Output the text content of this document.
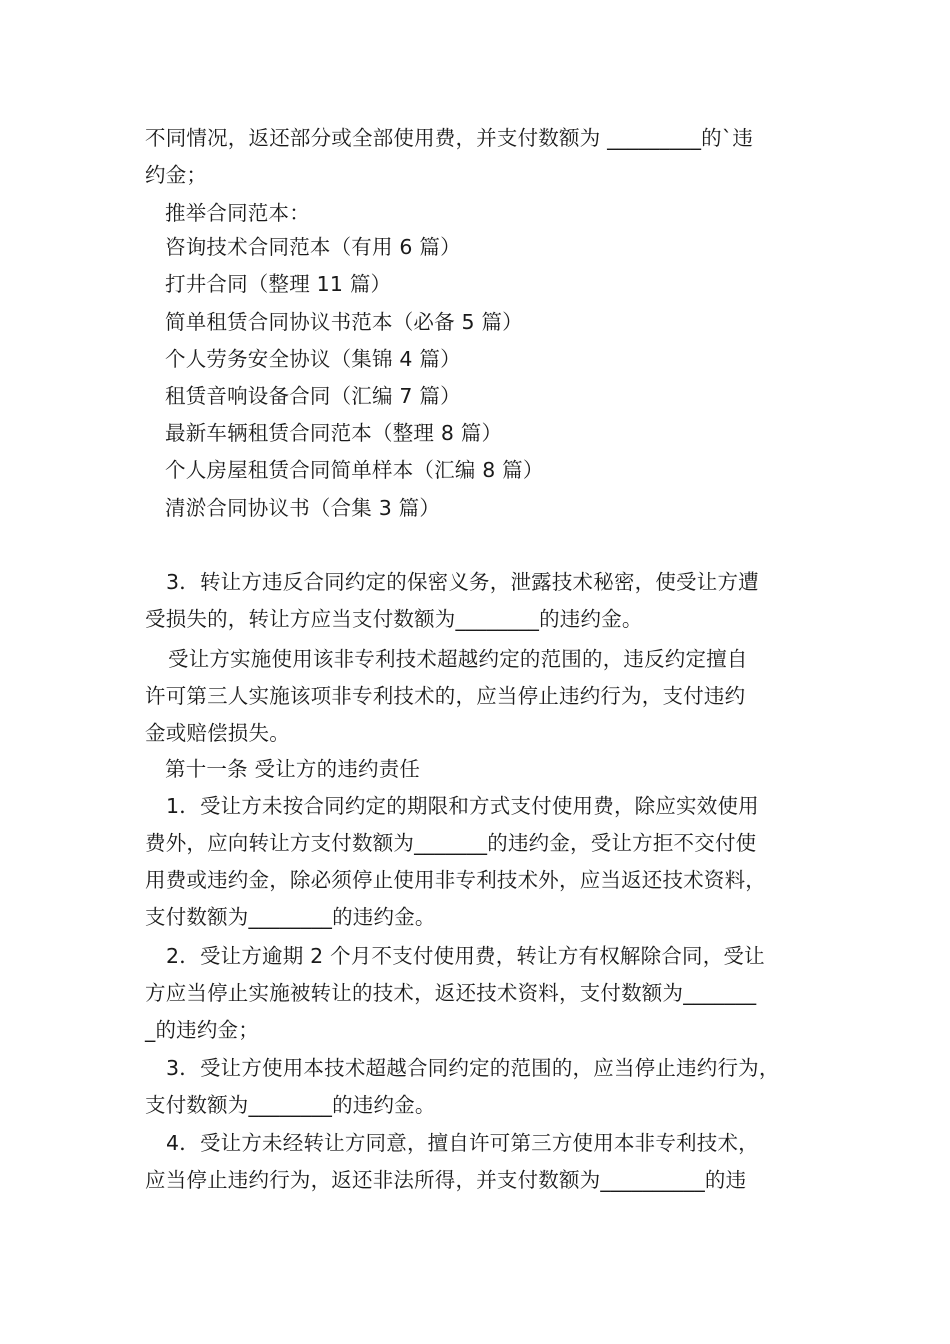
不同情况，返还部分或全部使用费，并支付数额为 _________的`违
约金；
推举合同范本：
咨询技术合同范本（有用 6 篇）
打井合同（整理 11 篇）
简单租赁合同协议书范本（必备 5 篇）
个人劳务安全协议（集锦 4 篇）
租赁音响设备合同（汇编 7 篇）
最新车辆租赁合同范本（整理 8 篇）
个人房屋租赁合同简单样本（汇编 8 篇）
清淤合同协议书（合集 3 篇）
3．转让方违反合同约定的保密义务，泄露技术秘密，使受让方遭
受损失的，转让方应当支付数额为________的违约金。
受让方实施使用该非专利技术超越约定的范围的，违反约定擅自
许可第三人实施该项非专利技术的，应当停止违约行为，支付违约
金或赔偿损失。
第十一条 受让方的违约责任
1．受让方未按合同约定的期限和方式支付使用费，除应实效使用
费外，应向转让方支付数额为_______的违约金，受让方拒不交付使
用费或违约金，除必须停止使用非专利技术外，应当返还技术资料，
支付数额为________的违约金。
2．受让方逾期 2 个月不支付使用费，转让方有权解除合同，受让
方应当停止实施被转让的技术，返还技术资料，支付数额为_______
_的违约金；
3．受让方使用本技术超越合同约定的范围的，应当停止违约行为，
支付数额为________的违约金。
4．受让方未经转让方同意，擅自许可第三方使用本非专利技术，
应当停止违约行为，返还非法所得，并支付数额为__________的违
